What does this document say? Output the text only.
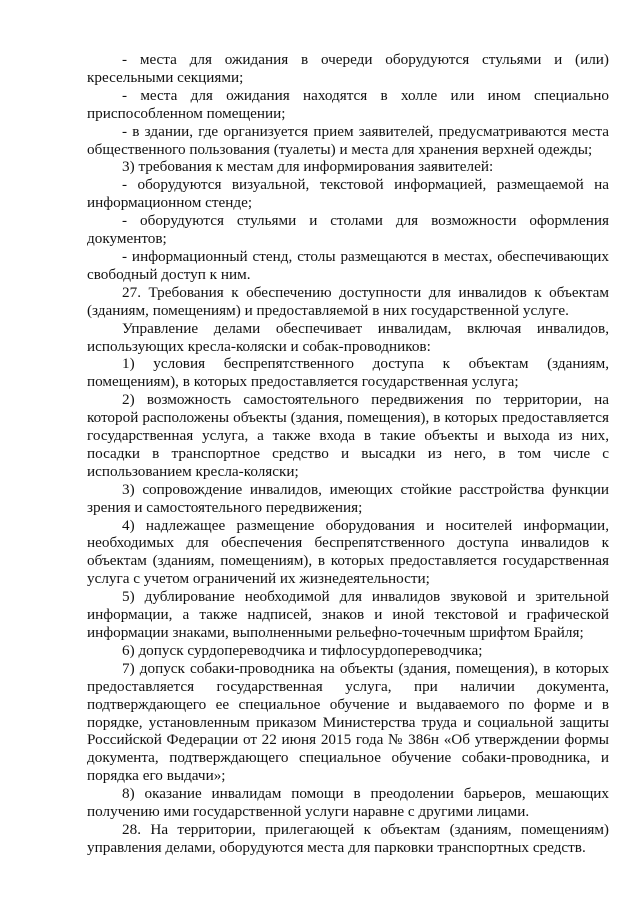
- места для ожидания в очереди оборудуются стульями и (или) кресельными секциями;

- места для ожидания находятся в холле или ином специально приспособленном помещении;

- в здании, где организуется прием заявителей, предусматриваются места общественного пользования (туалеты) и места для хранения верхней одежды;

3) требования к местам для информирования заявителей:

- оборудуются визуальной, текстовой информацией, размещаемой на информационном стенде;

- оборудуются стульями и столами для возможности оформления документов;

- информационный стенд, столы размещаются в местах, обеспечивающих свободный доступ к ним.

27. Требования к обеспечению доступности для инвалидов к объектам (зданиям, помещениям) и предоставляемой в них государственной услуге.

Управление делами обеспечивает инвалидам, включая инвалидов, использующих кресла-коляски и собак-проводников:

1) условия беспрепятственного доступа к объектам (зданиям, помещениям), в которых предоставляется государственная услуга;

2) возможность самостоятельного передвижения по территории, на которой расположены объекты (здания, помещения), в которых предоставляется государственная услуга, а также входа в такие объекты и выхода из них, посадки в транспортное средство и высадки из него, в том числе с использованием кресла-коляски;

3) сопровождение инвалидов, имеющих стойкие расстройства функции зрения и самостоятельного передвижения;

4) надлежащее размещение оборудования и носителей информации, необходимых для обеспечения беспрепятственного доступа инвалидов к объектам (зданиям, помещениям), в которых предоставляется государственная услуга с учетом ограничений их жизнедеятельности;

5) дублирование необходимой для инвалидов звуковой и зрительной информации, а также надписей, знаков и иной текстовой и графической информации знаками, выполненными рельефно-точечным шрифтом Брайля;

6) допуск сурдопереводчика и тифлосурдопереводчика;

7) допуск собаки-проводника на объекты (здания, помещения), в которых предоставляется государственная услуга, при наличии документа, подтверждающего ее специальное обучение и выдаваемого по форме и в порядке, установленным приказом Министерства труда и социальной защиты Российской Федерации от 22 июня 2015 года № 386н «Об утверждении формы документа, подтверждающего специальное обучение собаки-проводника, и порядка его выдачи»;

8) оказание инвалидам помощи в преодолении барьеров, мешающих получению ими государственной услуги наравне с другими лицами.

28. На территории, прилегающей к объектам (зданиям, помещениям) управления делами, оборудуются места для парковки транспортных средств.
